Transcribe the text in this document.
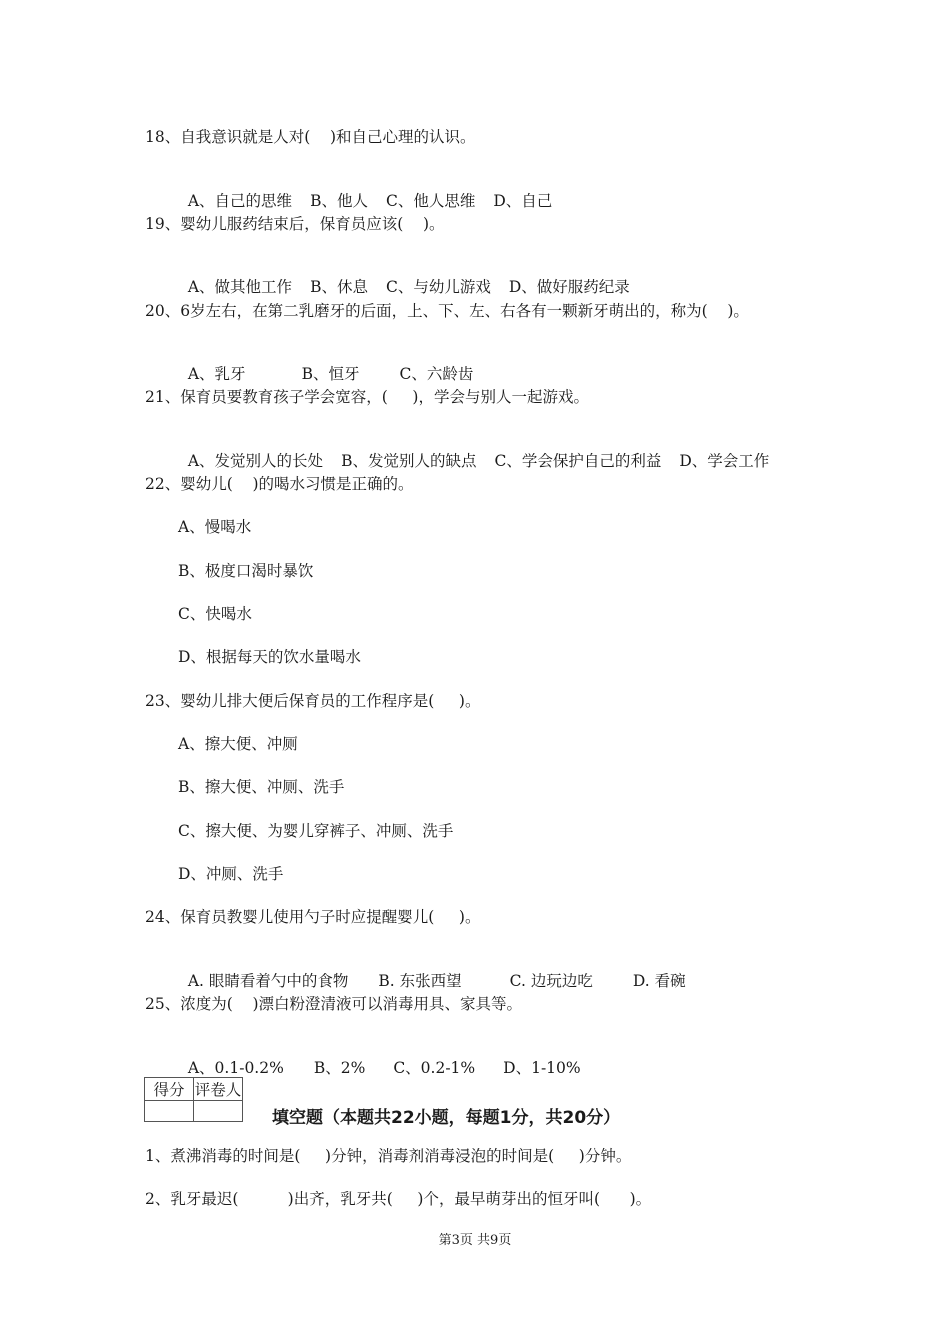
18、自我意识就是人对(    )和自己心理的认识。

A、自己的思维 B、他人 C、他人思维 D、自己

19、婴幼儿服药结束后，保育员应该(    )。

A、做其他工作 B、休息 C、与幼儿游戏 D、做好服药纪录

20、6岁左右，在第二乳磨牙的后面，上、下、左、右各有一颗新牙萌出的，称为(    )。

A、乳牙	B、恒牙	C、六龄齿

21、保育员要教育孩子学会宽容，(     )，学会与别人一起游戏。

A、发觉别人的长处 B、发觉别人的缺点 C、学会保护自己的利益 D、学会工作

22、婴幼儿(    )的喝水习惯是正确的。
A、慢喝水
B、极度口渴时暴饮
C、快喝水
D、根据每天的饮水量喝水
23、婴幼儿排大便后保育员的工作程序是(     )。
A、擦大便、冲厕
B、擦大便、冲厕、洗手
C、擦大便、为婴儿穿裤子、冲厕、洗手
D、冲厕、洗手
24、保育员教婴儿使用勺子时应提醒婴儿(     )。

A. 眼睛看着勺中的食物 B. 东张西望	C. 边玩边吃	D. 看碗

25、浓度为(    )漂白粉澄清液可以消毒用具、家具等。

A、0.1-0.2% B、2% C、0.2-1% D、1-10%

得分	评卷人

填空题（本题共22小题，每题1分，共20分）
1、煮沸消毒的时间是(     )分钟，消毒剂消毒浸泡的时间是(     )分钟。
2、乳牙最迟(          )出齐，乳牙共(     )个，最早萌芽出的恒牙叫(      )。
第3页 共9页
